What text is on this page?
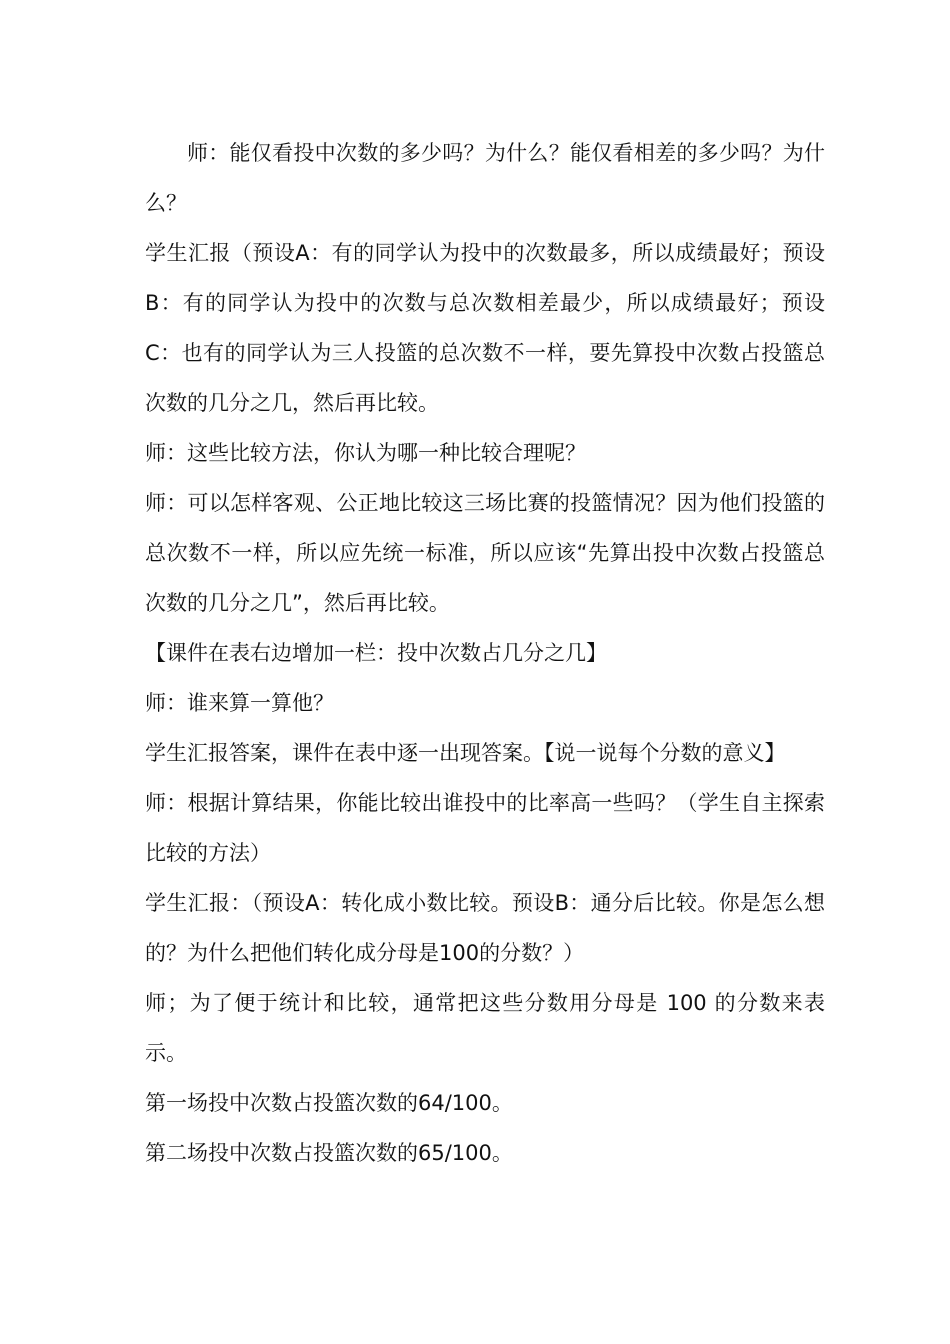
师：能仅看投中次数的多少吗？为什么？能仅看相差的多少吗？为什么？

学生汇报（预设A：有的同学认为投中的次数最多，所以成绩最好；预设B：有的同学认为投中的次数与总次数相差最少，所以成绩最好；预设C：也有的同学认为三人投篮的总次数不一样，要先算投中次数占投篮总次数的几分之几，然后再比较。

师：这些比较方法，你认为哪一种比较合理呢？

师：可以怎样客观、公正地比较这三场比赛的投篮情况？因为他们投篮的总次数不一样，所以应先统一标准，所以应该“先算出投中次数占投篮总次数的几分之几”，然后再比较。

【课件在表右边增加一栏：投中次数占几分之几】

师：谁来算一算他？

学生汇报答案，课件在表中逐一出现答案。【说一说每个分数的意义】

师：根据计算结果，你能比较出谁投中的比率高一些吗？（学生自主探索比较的方法）

学生汇报：（预设A：转化成小数比较。预设B：通分后比较。你是怎么想的？为什么把他们转化成分母是100的分数？）

师；为了便于统计和比较，通常把这些分数用分母是 100 的分数来表示。

第一场投中次数占投篮次数的64/100。

第二场投中次数占投篮次数的65/100。
